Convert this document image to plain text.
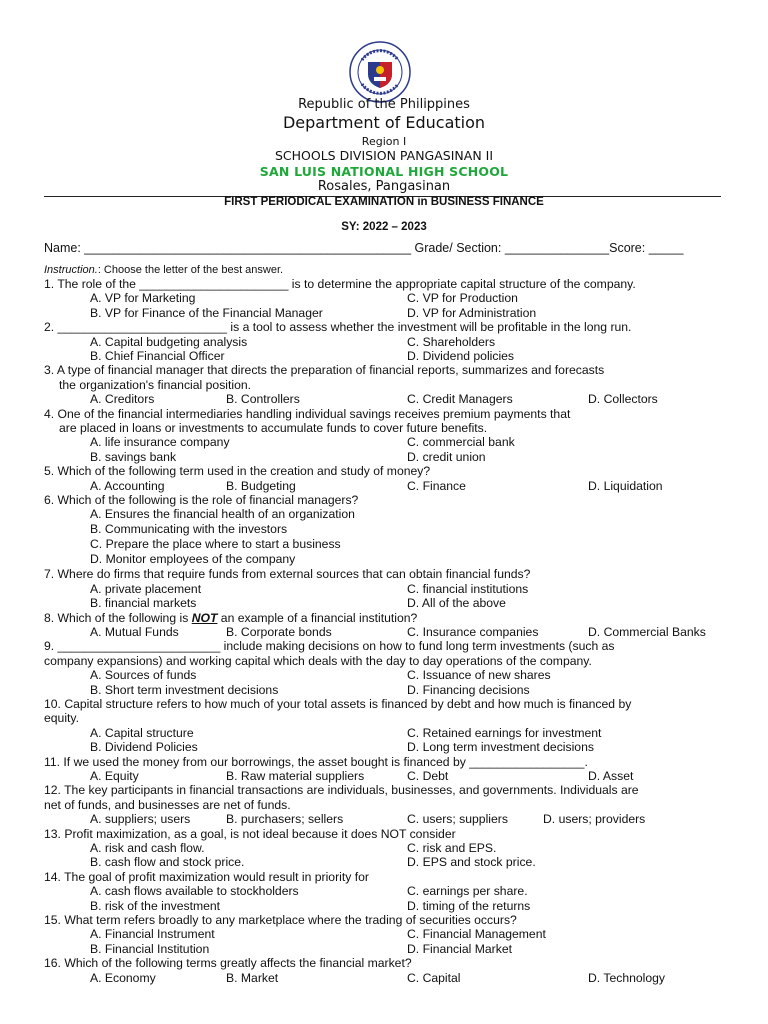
Republic of the Philippines
Department of Education
Region I
SCHOOLS DIVISION PANGASINAN II
SAN LUIS NATIONAL HIGH SCHOOL
Rosales, Pangasinan
FIRST PERIODICAL EXAMINATION in BUSINESS FINANCE
SY: 2022 – 2023
Name: _______________________________________________ Grade/ Section: _______________Score: _____
Instruction.: Choose the letter of the best answer.
1. The role of the ______________________ is to determine the appropriate capital structure of the company.
A. VP for Marketing	C. VP for Production
B. VP for Finance of the Financial Manager	D. VP for Administration
2. _________________________ is a tool to assess whether the investment will be profitable in the long run.
A. Capital budgeting analysis	C. Shareholders
B. Chief Financial Officer	D. Dividend policies
3. A type of financial manager that directs the preparation of financial reports, summarizes and forecasts
the organization's financial position.
A. Creditors	B. Controllers	C. Credit Managers	D. Collectors
4. One of the financial intermediaries handling individual savings receives premium payments that
are placed in loans or investments to accumulate funds to cover future benefits.
A. life insurance company	C. commercial bank
B. savings bank	D. credit union
5. Which of the following term used in the creation and study of money?
A. Accounting	B. Budgeting	C. Finance	D. Liquidation
6. Which of the following is the role of financial managers?
A. Ensures the financial health of an organization
B. Communicating with the investors
C. Prepare the place where to start a business
D. Monitor employees of the company
7. Where do firms that require funds from external sources that can obtain financial funds?
A. private placement	C. financial institutions
B. financial markets	D. All of the above
8. Which of the following is NOT an example of a financial institution?
A. Mutual Funds	B. Corporate bonds	C. Insurance companies	D. Commercial Banks
9. ________________________ include making decisions on how to fund long term investments (such as
company expansions) and working capital which deals with the day to day operations of the company.
A. Sources of funds	C. Issuance of new shares
B. Short term investment decisions	D. Financing decisions
10. Capital structure refers to how much of your total assets is financed by debt and how much is financed by
equity.
A. Capital structure	C. Retained earnings for investment
B. Dividend Policies	D. Long term investment decisions
11. If we used the money from our borrowings, the asset bought is financed by _________________.
A. Equity	B. Raw material suppliers	C. Debt	D. Asset
12. The key participants in financial transactions are individuals, businesses, and governments. Individuals are
net of funds, and businesses are net of funds.
A. suppliers; users	B. purchasers; sellers	C. users; suppliers	D. users; providers
13. Profit maximization, as a goal, is not ideal because it does NOT consider
A. risk and cash flow.	C. risk and EPS.
B. cash flow and stock price.	D. EPS and stock price.
14. The goal of profit maximization would result in priority for
A. cash flows available to stockholders	C. earnings per share.
B. risk of the investment	D. timing of the returns
15. What term refers broadly to any marketplace where the trading of securities occurs?
A. Financial Instrument	C. Financial Management
B. Financial Institution	D. Financial Market
16. Which of the following terms greatly affects the financial market?
A. Economy	B. Market	C. Capital	D. Technology
